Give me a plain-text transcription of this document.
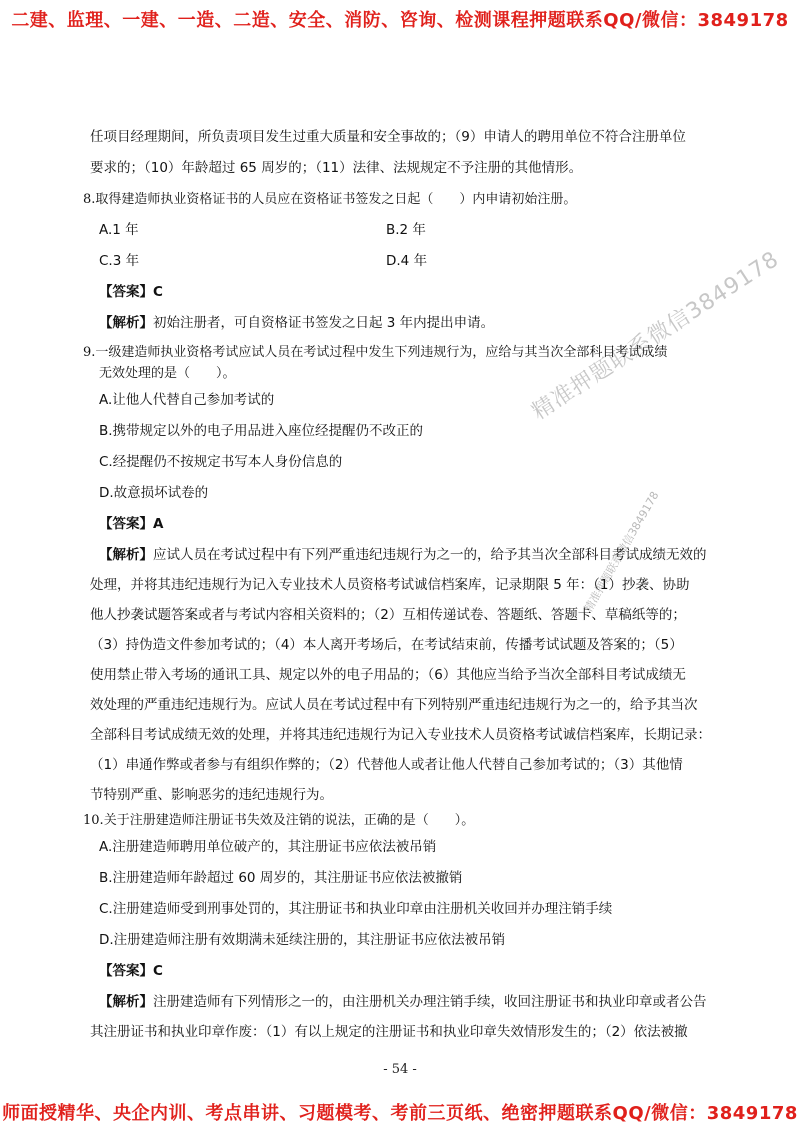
二建、监理、一建、一造、二造、安全、消防、咨询、检测课程押题联系QQ/微信：3849178
精准押题联系微信3849178
精准押题联系微信3849178

任项目经理期间，所负责项目发生过重大质量和安全事故的；（9）申请人的聘用单位不符合注册单位

要求的；（10）年龄超过 65 周岁的；（11）法律、法规规定不予注册的其他情形。

8.取得建造师执业资格证书的人员应在资格证书签发之日起（　　）内申请初始注册。

A.1 年	B.2 年
C.3 年	D.4 年

【答案】C

【解析】初始注册者，可自资格证书签发之日起 3 年内提出申请。

9.一级建造师执业资格考试应试人员在考试过程中发生下列违规行为，应给与其当次全部科目考试成绩

无效处理的是（　　）。

A.让他人代替自己参加考试的

B.携带规定以外的电子用品进入座位经提醒仍不改正的

C.经提醒仍不按规定书写本人身份信息的

D.故意损坏试卷的

【答案】A

【解析】应试人员在考试过程中有下列严重违纪违规行为之一的，给予其当次全部科目考试成绩无效的

处理，并将其违纪违规行为记入专业技术人员资格考试诚信档案库，记录期限 5 年：（1）抄袭、协助

他人抄袭试题答案或者与考试内容相关资料的；（2）互相传递试卷、答题纸、答题卡、草稿纸等的；

（3）持伪造文件参加考试的；（4）本人离开考场后，在考试结束前，传播考试试题及答案的；（5）

使用禁止带入考场的通讯工具、规定以外的电子用品的；（6）其他应当给予当次全部科目考试成绩无

效处理的严重违纪违规行为。应试人员在考试过程中有下列特别严重违纪违规行为之一的，给予其当次

全部科目考试成绩无效的处理，并将其违纪违规行为记入专业技术人员资格考试诚信档案库，长期记录：

（1）串通作弊或者参与有组织作弊的；（2）代替他人或者让他人代替自己参加考试的；（3）其他情

节特别严重、影响恶劣的违纪违规行为。

10.关于注册建造师注册证书失效及注销的说法，正确的是（　　）。

A.注册建造师聘用单位破产的，其注册证书应依法被吊销

B.注册建造师年龄超过 60 周岁的，其注册证书应依法被撤销

C.注册建造师受到刑事处罚的，其注册证书和执业印章由注册机关收回并办理注销手续

D.注册建造师注册有效期满未延续注册的，其注册证书应依法被吊销

【答案】C

【解析】注册建造师有下列情形之一的，由注册机关办理注销手续，收回注册证书和执业印章或者公告

其注册证书和执业印章作废：（1）有以上规定的注册证书和执业印章失效情形发生的；（2）依法被撤

- 54 -
师面授精华、央企内训、考点串讲、习题模考、考前三页纸、绝密押题联系QQ/微信：3849178
